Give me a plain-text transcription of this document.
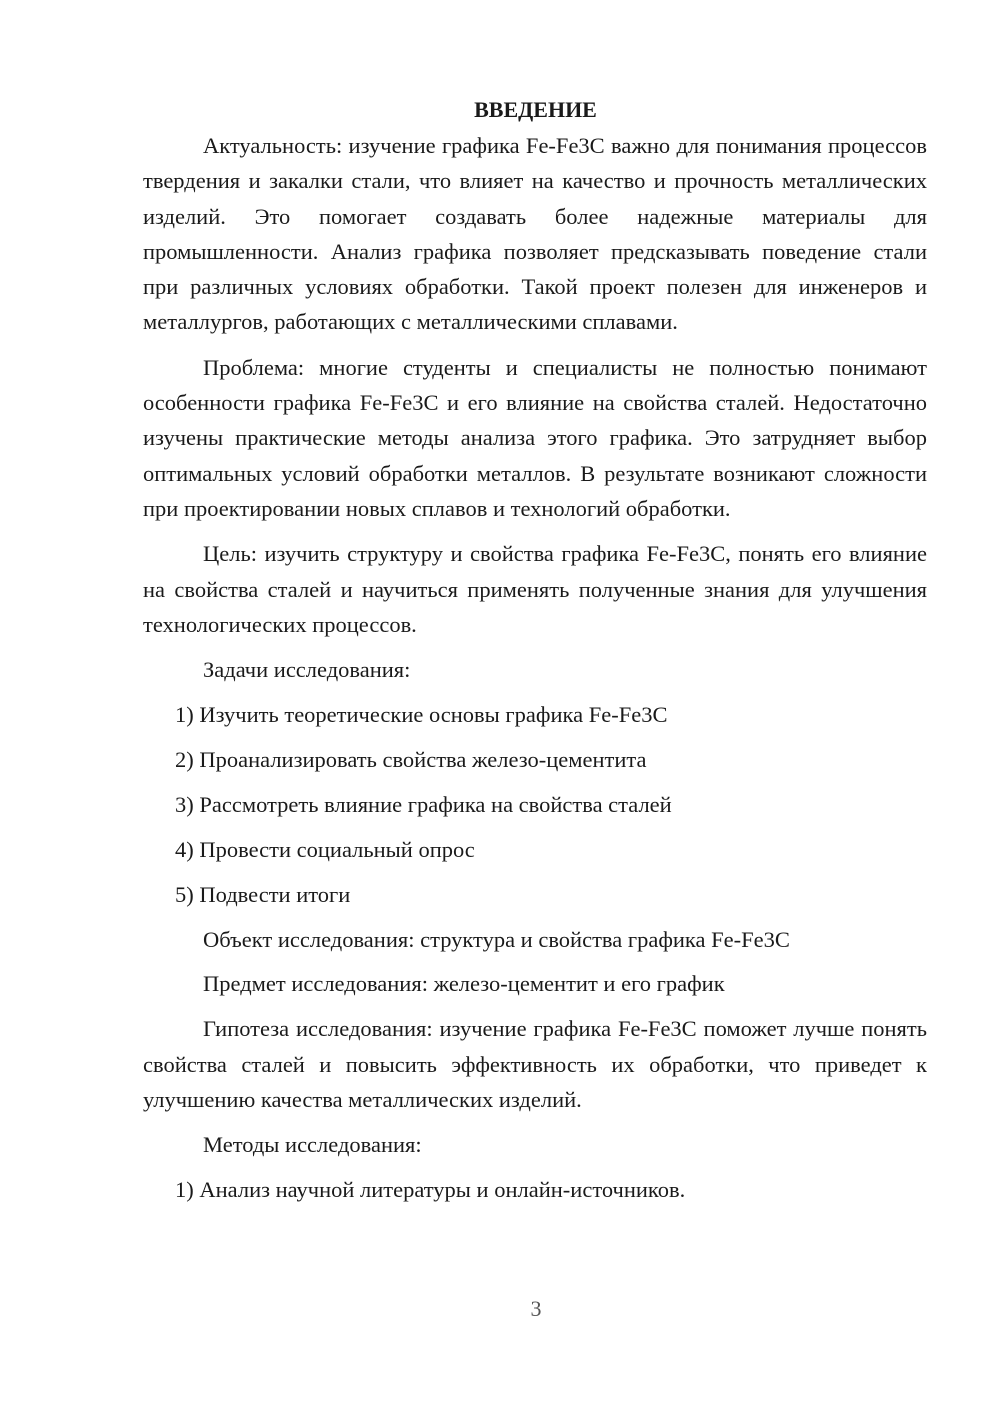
ВВЕДЕНИЕ

Актуальность: изучение графика Fe-Fe3C важно для понимания процессов твердения и закалки стали, что влияет на качество и прочность металлических изделий. Это помогает создавать более надежные материалы для промышленности. Анализ графика позволяет предсказывать поведение стали при различных условиях обработки. Такой проект полезен для инженеров и металлургов, работающих с металлическими сплавами.

Проблема: многие студенты и специалисты не полностью понимают особенности графика Fe-Fe3C и его влияние на свойства сталей. Недостаточно изучены практические методы анализа этого графика. Это затрудняет выбор оптимальных условий обработки металлов. В результате возникают сложности при проектировании новых сплавов и технологий обработки.

Цель: изучить структуру и свойства графика Fe-Fe3C, понять его влияние на свойства сталей и научиться применять полученные знания для улучшения технологических процессов.

Задачи исследования:
1) Изучить теоретические основы графика Fe-Fe3C
2) Проанализировать свойства железо-цементита
3) Рассмотреть влияние графика на свойства сталей
4) Провести социальный опрос
5) Подвести итоги
Объект исследования: структура и свойства графика Fe-Fe3C
Предмет исследования: железо-цементит и его график

Гипотеза исследования: изучение графика Fe-Fe3C поможет лучше понять свойства сталей и повысить эффективность их обработки, что приведет к улучшению качества металлических изделий.

Методы исследования:
1) Анализ научной литературы и онлайн-источников.
3
